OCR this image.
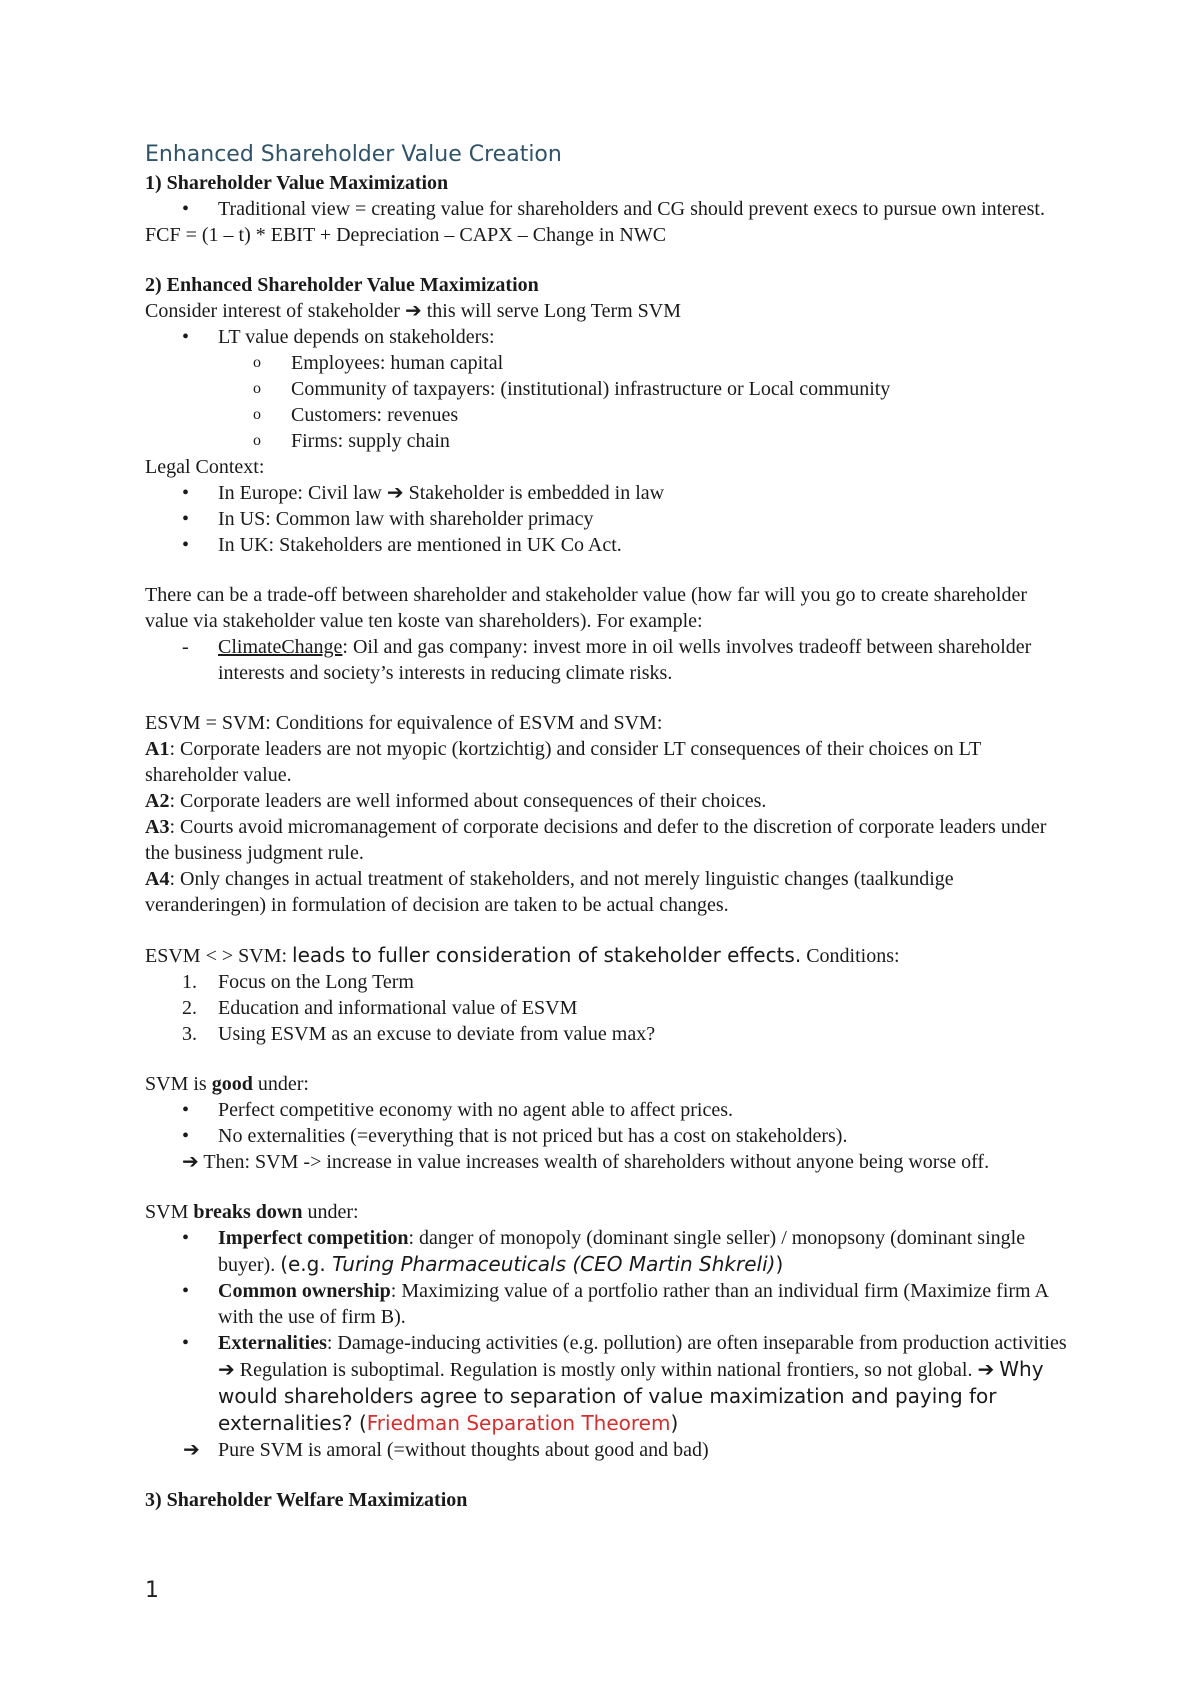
Enhanced Shareholder Value Creation

1) Shareholder Value Maximization

•	Traditional view = creating value for shareholders and CG should prevent execs to pursue own interest.

FCF = (1 – t) * EBIT + Depreciation – CAPX – Change in NWC

2) Enhanced Shareholder Value Maximization

Consider interest of stakeholder ➔ this will serve Long Term SVM

•	LT value depends on stakeholders:
o Employees: human capital
o Community of taxpayers: (institutional) infrastructure or Local community
o Customers: revenues
o Firms: supply chain

Legal Context:

•	In Europe: Civil law ➔ Stakeholder is embedded in law
•	In US: Common law with shareholder primacy
•	In UK: Stakeholders are mentioned in UK Co Act.

There can be a trade-off between shareholder and stakeholder value (how far will you go to create shareholder value via stakeholder value ten koste van shareholders). For example:

- ClimateChange: Oil and gas company: invest more in oil wells involves tradeoff between shareholder interests and society’s interests in reducing climate risks.

ESVM = SVM: Conditions for equivalence of ESVM and SVM:

A1: Corporate leaders are not myopic (kortzichtig) and consider LT consequences of their choices on LT shareholder value.

A2: Corporate leaders are well informed about consequences of their choices.

A3: Courts avoid micromanagement of corporate decisions and defer to the discretion of corporate leaders under the business judgment rule.

A4: Only changes in actual treatment of stakeholders, and not merely linguistic changes (taalkundige veranderingen) in formulation of decision are taken to be actual changes.

ESVM < > SVM: leads to fuller consideration of stakeholder effects. Conditions:

1.	Focus on the Long Term
2.	Education and informational value of ESVM
3.	Using ESVM as an excuse to deviate from value max?

SVM is good under:

•	Perfect competitive economy with no agent able to affect prices.
•	No externalities (=everything that is not priced but has a cost on stakeholders).
➔ Then: SVM -> increase in value increases wealth of shareholders without anyone being worse off.

SVM breaks down under:

•	Imperfect competition: danger of monopoly (dominant single seller) / monopsony (dominant single buyer). (e.g. Turing Pharmaceuticals (CEO Martin Shkreli))
•	Common ownership: Maximizing value of a portfolio rather than an individual firm (Maximize firm A with the use of firm B).
•	Externalities: Damage-inducing activities (e.g. pollution) are often inseparable from production activities ➔ Regulation is suboptimal. Regulation is mostly only within national frontiers, so not global. ➔ Why would shareholders agree to separation of value maximization and paying for externalities? (Friedman Separation Theorem)
➔ Pure SVM is amoral (=without thoughts about good and bad)

3) Shareholder Welfare Maximization

1
